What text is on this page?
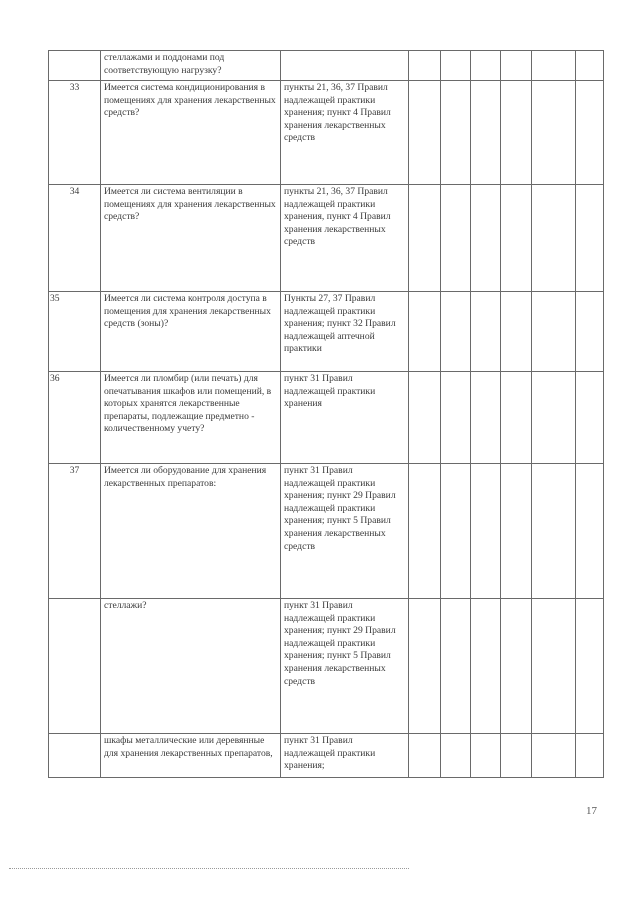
	стеллажами и поддонами под соответствующую нагрузку?							
33	Имеется система кондиционирования в помещениях для хранения лекарственных средств?	пункты 21, 36, 37 Правил надлежащей практики хранения; пункт 4 Правил хранения лекарственных средств						
34	Имеется ли система вентиляции в помещениях для хранения лекарственных средств?	пункты 21, 36, 37 Правил надлежащей практики хранения, пункт 4 Правил хранения лекарственных средств						
35	Имеется ли система контроля доступа в помещения для хранения лекарственных средств (зоны)?	Пункты 27, 37 Правил надлежащей практики хранения; пункт 32 Правил надлежащей аптечной практики						
36	Имеется ли пломбир (или печать) для опечатывания шкафов или помещений, в которых хранятся лекарственные препараты, подлежащие предметно - количественному учету?	пункт 31 Правил надлежащей практики хранения						
37	Имеется ли оборудование для хранения лекарственных препаратов:	пункт 31 Правил надлежащей практики хранения; пункт 29 Правил надлежащей практики хранения; пункт 5 Правил хранения лекарственных средств						
	стеллажи?	пункт 31 Правил надлежащей практики хранения; пункт 29 Правил надлежащей практики хранения; пункт 5 Правил хранения лекарственных средств						
	шкафы металлические или деревянные для хранения лекарственных препаратов,	пункт 31 Правил надлежащей практики хранения;						
17
